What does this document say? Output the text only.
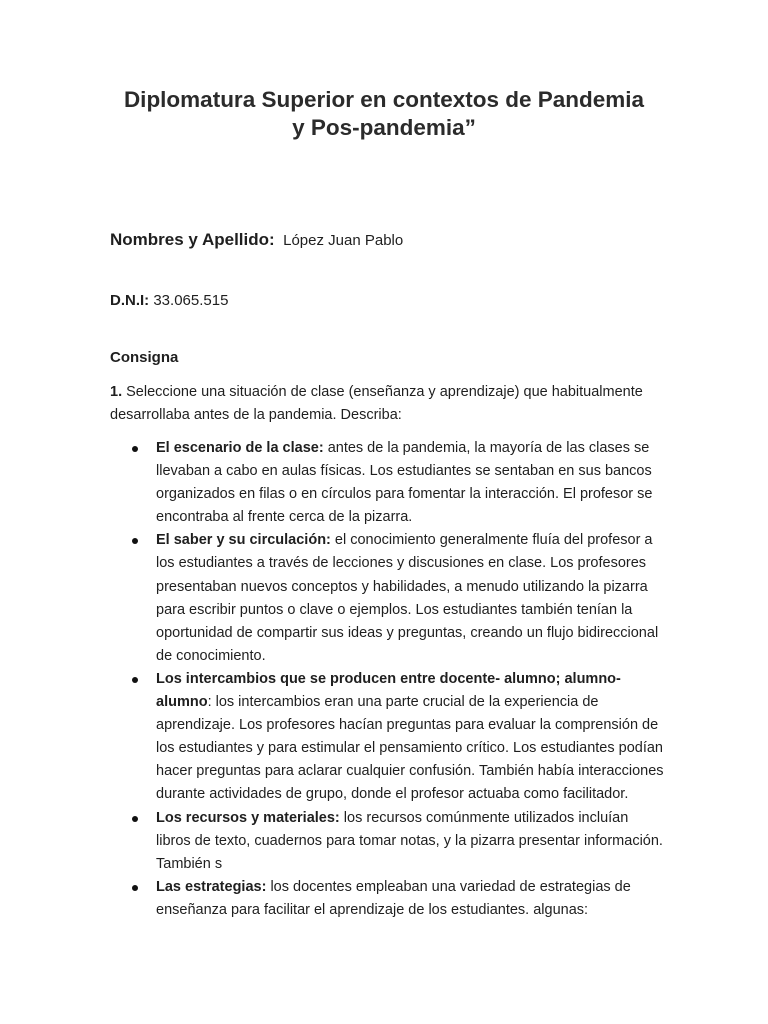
Diplomatura Superior en contextos de Pandemia
y Pos-pandemia”
Nombres y Apellido: López Juan Pablo
D.N.I: 33.065.515
Consigna
1. Seleccione una situación de clase (enseñanza y aprendizaje) que habitualmente desarrollaba antes de la pandemia. Describa:
El escenario de la clase: antes de la pandemia, la mayoría de las clases se llevaban a cabo en aulas físicas. Los estudiantes se sentaban en sus bancos organizados en filas o en círculos para fomentar la interacción. El profesor se encontraba al frente cerca de la pizarra.
El saber y su circulación: el conocimiento generalmente fluía del profesor a los estudiantes a través de lecciones y discusiones en clase. Los profesores presentaban nuevos conceptos y habilidades, a menudo utilizando la pizarra para escribir puntos o clave o ejemplos. Los estudiantes también tenían la oportunidad de compartir sus ideas y preguntas, creando un flujo bidireccional de conocimiento.
Los intercambios que se producen entre docente- alumno; alumno-alumno: los intercambios eran una parte crucial de la experiencia de aprendizaje. Los profesores hacían preguntas para evaluar la comprensión de los estudiantes y para estimular el pensamiento crítico. Los estudiantes podían hacer preguntas para aclarar cualquier confusión. También había interacciones durante actividades de grupo, donde el profesor actuaba como facilitador.
Los recursos y materiales: los recursos comúnmente utilizados incluían libros de texto, cuadernos para tomar notas, y la pizarra presentar información. También s
Las estrategias: los docentes empleaban una variedad de estrategias de enseñanza para facilitar el aprendizaje de los estudiantes. algunas:
